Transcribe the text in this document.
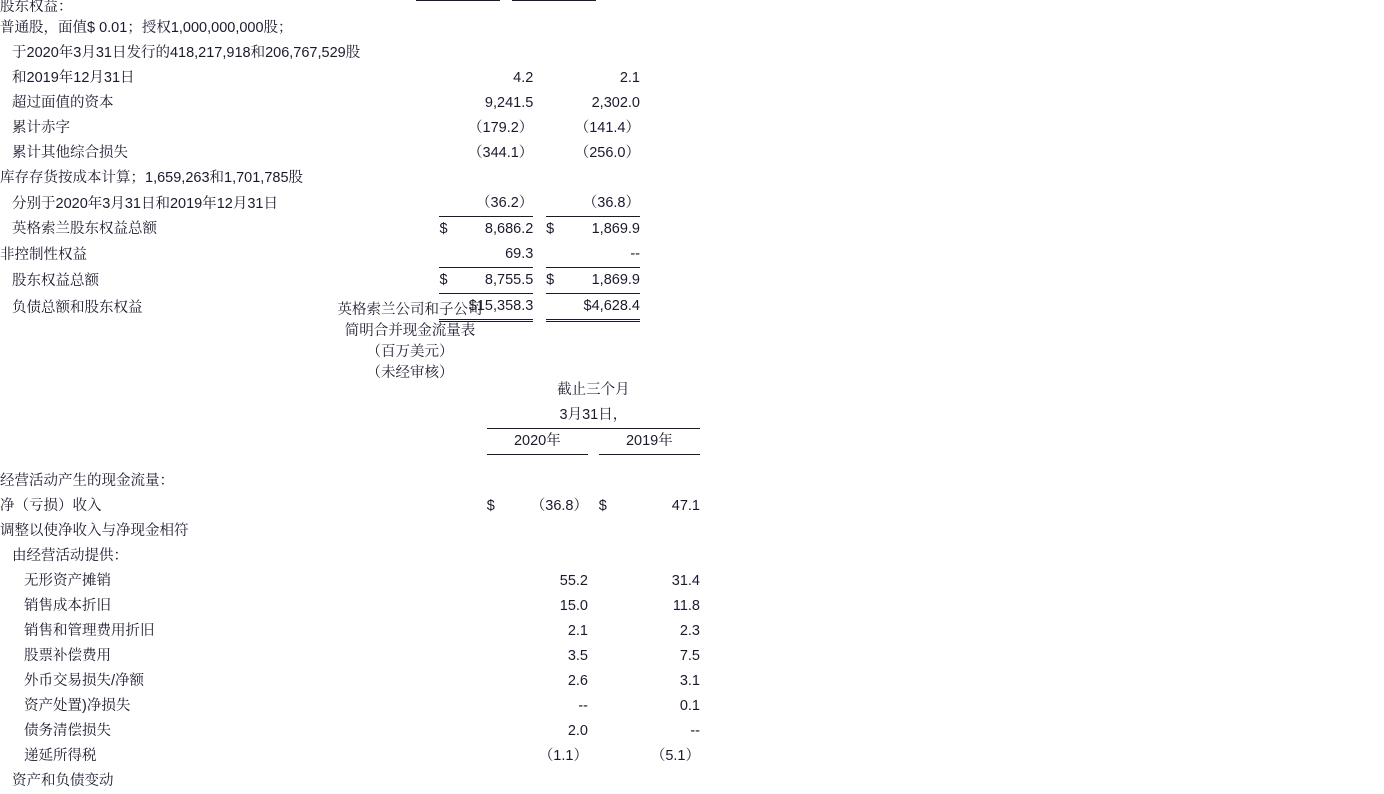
股东权益：
普通股，面值$ 0.01；授权1,000,000,000股；					
于2020年3月31日发行的418,217,918和206,767,529股					
和2019年12月31日		4.2			2.1
超过面值的资本		9,241.5			2,302.0
累计赤字		（179.2）			（141.4）
累计其他综合损失		（344.1）			（256.0）
库存存货按成本计算；1,659,263和1,701,785股					
分别于2020年3月31日和2019年12月31日		（36.2）			（36.8）
英格索兰股东权益总额	$	8,686.2		$	1,869.9
非控制性权益		69.3			--
股东权益总额	$	8,755.5		$	1,869.9
负债总额和股东权益		$15,358.3			$4,628.4
英格索兰公司和子公司
简明合并现金流量表
（百万美元）
（未经审核）
	截止三个月				
	3月31日，				
	2020年			2019年	

经营活动产生的现金流量：					
净（亏损）收入	$	（36.8）		$	47.1
调整以使净收入与净现金相符					
由经营活动提供：					
无形资产摊销		55.2			31.4
销售成本折旧		15.0			11.8
销售和管理费用折旧		2.1			2.3
股票补偿费用		3.5			7.5
外币交易损失/净额		2.6			3.1
资产处置)净损失		--			0.1
债务清偿损失		2.0			--
递延所得税		（1.1）			（5.1）
资产和负债变动					
